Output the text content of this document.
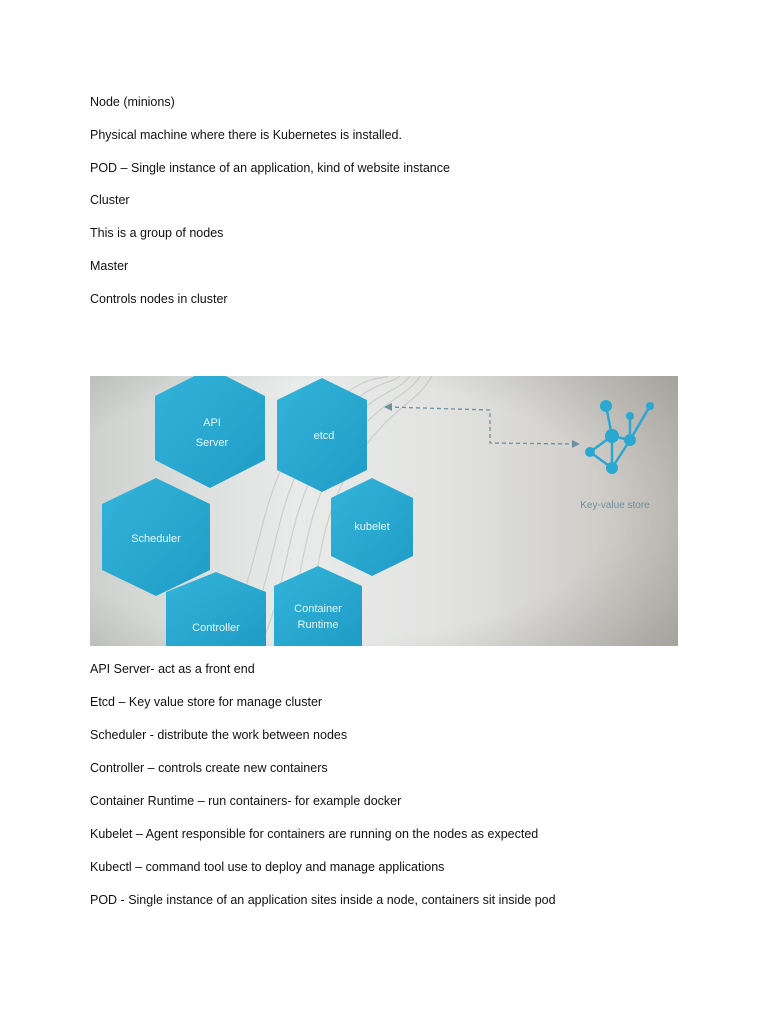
Node (minions)

Physical machine where there is Kubernetes is installed.

POD – Single instance of an application, kind of website instance

Cluster

This is a group of nodes

Master

Controls nodes in cluster

API
Server
etcd
Scheduler
kubelet
Controller
Container
Runtime
Key-value store

API Server- act as a front end

Etcd – Key value store for manage cluster

Scheduler - distribute the work between nodes

Controller – controls create new containers

Container Runtime – run containers- for example docker

Kubelet – Agent responsible for containers are running on the nodes as expected

Kubectl – command tool use to deploy and manage applications

POD - Single instance of an application sites inside a node, containers sit inside pod
